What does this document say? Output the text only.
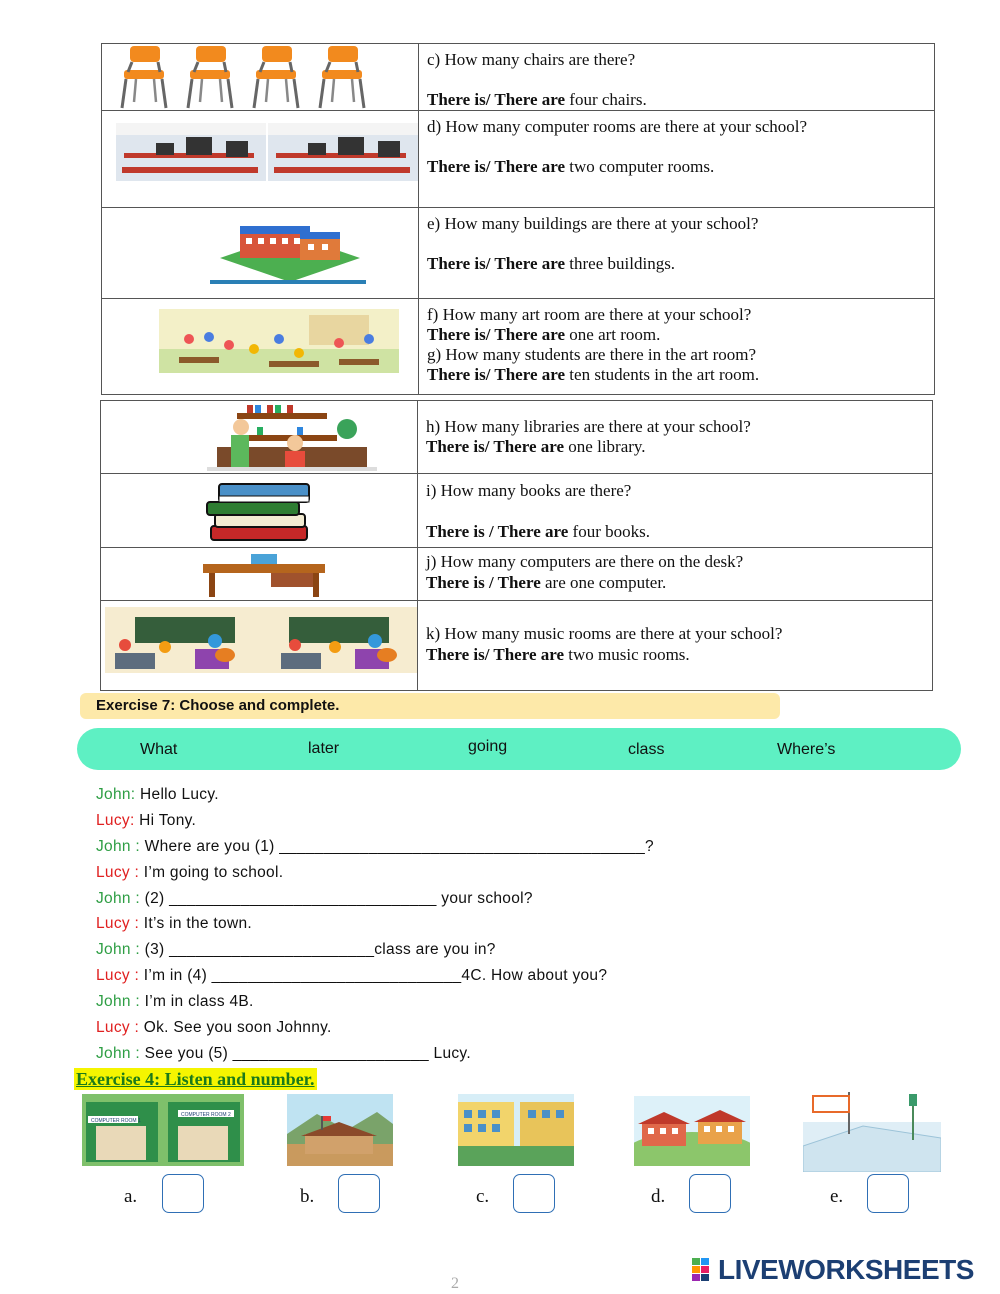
c) How many chairs are there?
There is/ There are four chairs.

d) How many computer rooms are there at your school?
There is/ There are two computer rooms.

e) How many buildings are there at your school?
There is/ There are three buildings.

f) How many art room are there at your school?
There is/ There are one art room.
g) How many students are there in the art room?
There is/ There are ten students in the art room.

h) How many libraries are there at your school?
There is/ There are one library.

i) How many books are there?
There is / There are four books.

j) How many computers are there on the desk?
There is / There are one computer.

k) How many music rooms are there at your school?
There is/ There are two music rooms.
Exercise 7: Choose and complete.
What	later	going	class	Where’s
John: Hello Lucy.
Lucy: Hi Tony.
John : Where are you (1) _________________________________________?
Lucy : I’m going to school.
John : (2) ______________________________ your school?
Lucy : It’s in the town.
John : (3) _______________________class are you in?
Lucy : I’m in (4) ____________________________4C. How about you?
John : I’m in class 4B.
Lucy : Ok. See you soon Johnny.
John : See you (5) ______________________ Lucy.
Exercise 4: Listen and number.
COMPUTER ROOM 1
COMPUTER ROOM 2
a.	b.	c.	d.	e.
2	LIVEWORKSHEETS
